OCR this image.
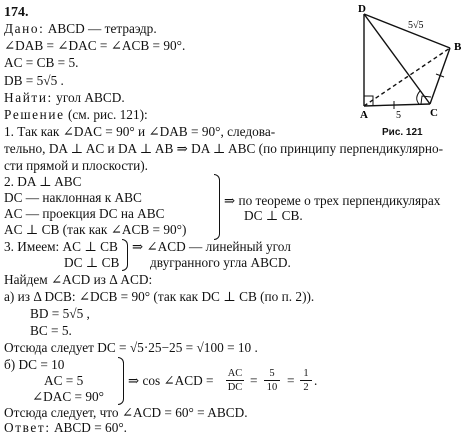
174.
Дано: ABCD — тетраэдр.
∠DAB = ∠DAC = ∠ACB = 90°.
AC = CB = 5.
DB = 5√5 .
Найти: угол ABCD.
Решение (см. рис. 121):
1. Так как ∠DAC = 90° и ∠DAB = 90°, следова-
тельно, DA ⊥ AC и DA ⊥ AB ⇒ DA ⊥ ABC (по принципу перпендикулярно-
сти прямой и плоскости).
2. DA ⊥ ABC
DC — наклонная к ABC
AC — проекция DC на ABC
AC ⊥ CB (так как ∠ACB = 90°)
⇒ по теореме о трех перпендикулярах
DC ⊥ CB.
3. Имеем: AC ⊥ CB
DC ⊥ CB
⇒ ∠ACD — линейный угол
двугранного угла ABCD.
Найдем ∠ACD из Δ ACD:
а) из Δ DCB: ∠DCB = 90° (так как DC ⊥ CB (по п. 2)).
BD = 5√5 ,
BC = 5.
Отсюда следует DC = √5·25−25 = √100 = 10 .
б) DC = 10
AC = 5
∠DAC = 90°
⇒ cos ∠ACD = AC
DC =	5
10 = 1
2 .
Отсюда следует, что ∠ACD = 60° = ABCD.
Ответ: ABCD = 60°.
D
B
A	C
5√5
5
Рис. 121
